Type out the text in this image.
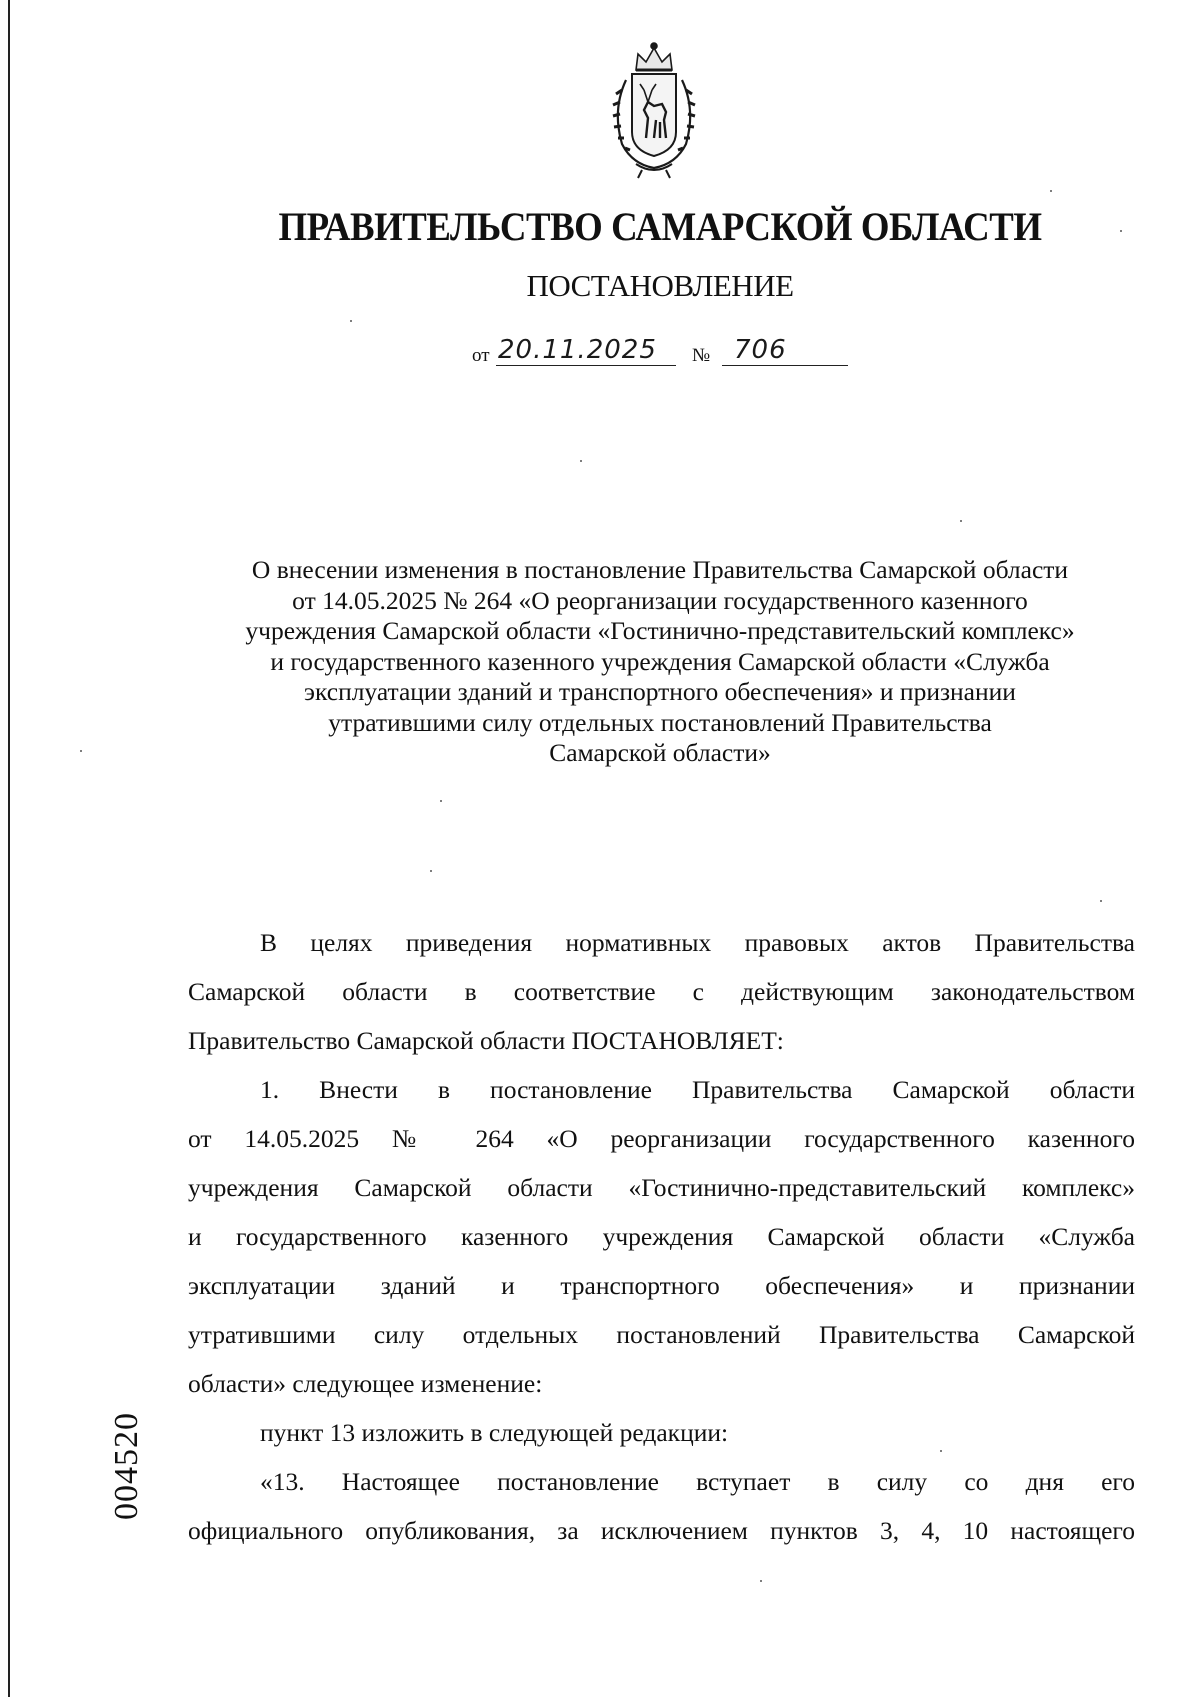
ПРАВИТЕЛЬСТВО САМАРСКОЙ ОБЛАСТИ
ПОСТАНОВЛЕНИЕ
от 20.11.2025 № 706
О внесении изменения в постановление Правительства Самарской области
от 14.05.2025 № 264 «О реорганизации государственного казенного
учреждения Самарской области «Гостинично-представительский комплекс»
и государственного казенного учреждения Самарской области «Служба
эксплуатации зданий и транспортного обеспечения» и признании
утратившими силу отдельных постановлений Правительства
Самарской области»
В целях приведения нормативных правовых актов Правительства
Самарской области в соответствие с действующим законодательством
Правительство Самарской области ПОСТАНОВЛЯЕТ:
1. Внести в постановление Правительства Самарской области
от 14.05.2025 № 264 «О реорганизации государственного казенного
учреждения Самарской области «Гостинично-представительский комплекс»
и государственного казенного учреждения Самарской области «Служба
эксплуатации зданий и транспортного обеспечения» и признании
утратившими силу отдельных постановлений Правительства Самарской
области» следующее изменение:
пункт 13 изложить в следующей редакции:
«13. Настоящее постановление вступает в силу со дня его
официального опубликования, за исключением пунктов 3, 4, 10 настоящего
004520
